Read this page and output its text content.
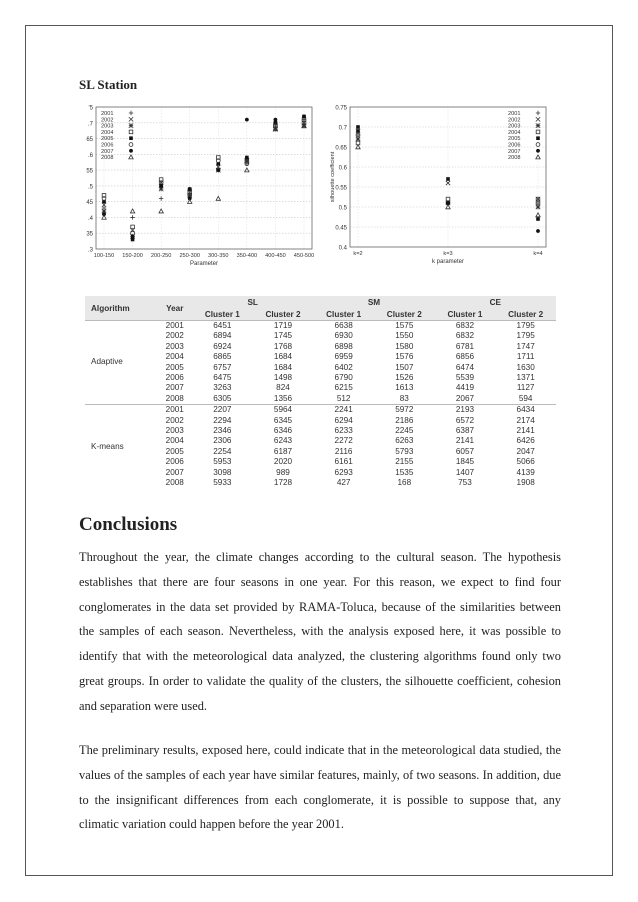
SL Station
.3
35
.4
45
.5
55
.6
65
.7
'5
100-150 150-200 200-250 250-300 300-350 350-400 400-450 450-500
Parameter
2001
2002
2003
2004
2005
2006
2007
2008
0.4
0.45
0.5
0.55
0.6
0.65
0.7
0.75
k=2	k=3	k=4
k parameter
silhouette coefficient
2001
2002
2003
2004
2005
2006
2007
2008
Algorithm	Year	SL		SM		CE	
		Cluster 1	Cluster 2	Cluster 1	Cluster 2	Cluster 1	Cluster 2
Adaptive	2001	6451	1719	6638	1575	6832	1795
	2002	6894	1745	6930	1550	6832	1795
	2003	6924	1768	6898	1580	6781	1747
	2004	6865	1684	6959	1576	6856	1711
	2005	6757	1684	6402	1507	6474	1630
	2006	6475	1498	6790	1526	5539	1371
	2007	3263	824	6215	1613	4419	1127
	2008	6305	1356	512	83	2067	594
K-means	2001	2207	5964	2241	5972	2193	6434
	2002	2294	6345	6294	2186	6572	2174
	2003	2346	6346	6233	2245	6387	2141
	2004	2306	6243	2272	6263	2141	6426
	2005	2254	6187	2116	5793	6057	2047
	2006	5953	2020	6161	2155	1845	5066
	2007	3098	989	6293	1535	1407	4139
	2008	5933	1728	427	168	753	1908
Conclusions

Throughout the year, the climate changes according to the cultural season. The hypothesis establishes that there are four seasons in one year. For this reason, we expect to find four conglomerates in the data set provided by RAMA-Toluca, because of the similarities between the samples of each season. Nevertheless, with the analysis exposed here, it was possible to identify that with the meteorological data analyzed, the clustering algorithms found only two great groups. In order to validate the quality of the clusters, the silhouette coefficient, cohesion and separation were used.

The preliminary results, exposed here, could indicate that in the meteorological data studied, the values of the samples of each year have similar features, mainly, of two seasons. In addition, due to the insignificant differences from each conglomerate, it is possible to suppose that, any climatic variation could happen before the year 2001.
